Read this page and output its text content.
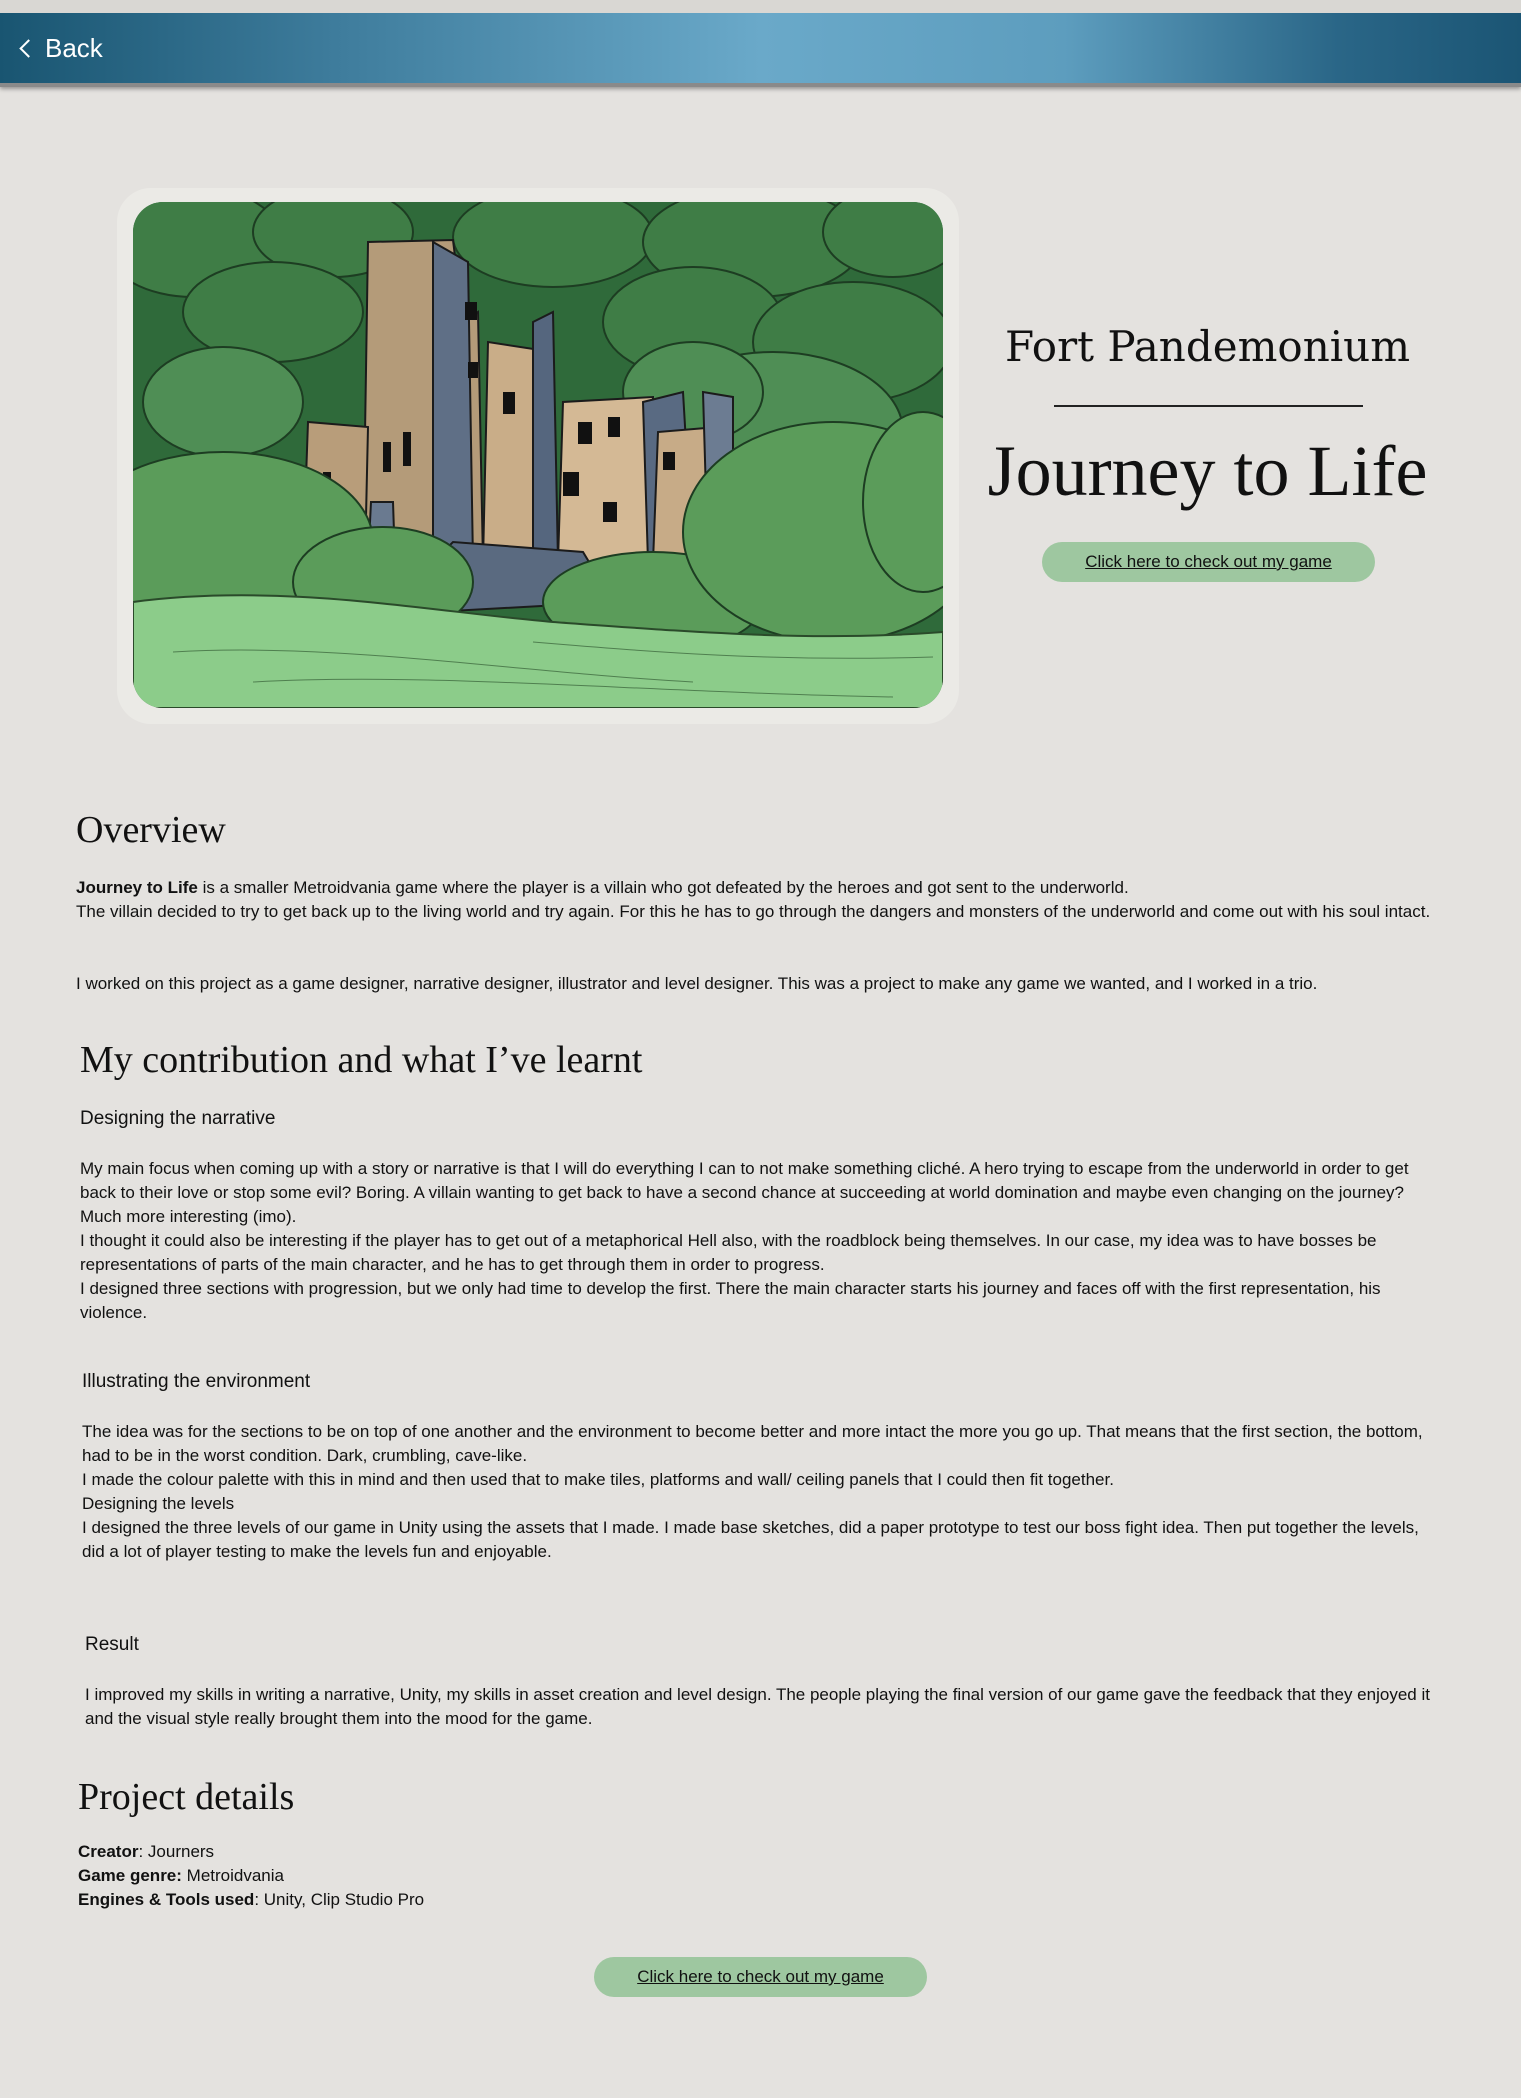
Back
Fort Pandemonium
Journey to Life
Click here to check out my game
Overview
Journey to Life is a smaller Metroidvania game where the player is a villain who got defeated by the heroes and got sent to the underworld.
The villain decided to try to get back up to the living world and try again. For this he has to go through the dangers and monsters of the underworld and come out with his soul intact.
I worked on this project as a game designer, narrative designer, illustrator and level designer. This was a project to make any game we wanted, and I worked in a trio.
My contribution and what I’ve learnt
Designing the narrative
My main focus when coming up with a story or narrative is that I will do everything I can to not make something cliché. A hero trying to escape from the underworld in order to get back to their love or stop some evil? Boring. A villain wanting to get back to have a second chance at succeeding at world domination and maybe even changing on the journey? Much more interesting (imo).
I thought it could also be interesting if the player has to get out of a metaphorical Hell also, with the roadblock being themselves. In our case, my idea was to have bosses be representations of parts of the main character, and he has to get through them in order to progress.
I designed three sections with progression, but we only had time to develop the first. There the main character starts his journey and faces off with the first representation, his violence.
Illustrating the environment
The idea was for the sections to be on top of one another and the environment to become better and more intact the more you go up. That means that the first section, the bottom, had to be in the worst condition. Dark, crumbling, cave-like.
I made the colour palette with this in mind and then used that to make tiles, platforms and wall/ ceiling panels that I could then fit together.
Designing the levels
I designed the three levels of our game in Unity using the assets that I made. I made base sketches, did a paper prototype to test our boss fight idea. Then put together the levels, did a lot of player testing to make the levels fun and enjoyable.
Result
I improved my skills in writing a narrative, Unity, my skills in asset creation and level design. The people playing the final version of our game gave the feedback that they enjoyed it and the visual style really brought them into the mood for the game.
Project details
Creator: Journers
Game genre: Metroidvania
Engines & Tools used: Unity, Clip Studio Pro
Click here to check out my game
